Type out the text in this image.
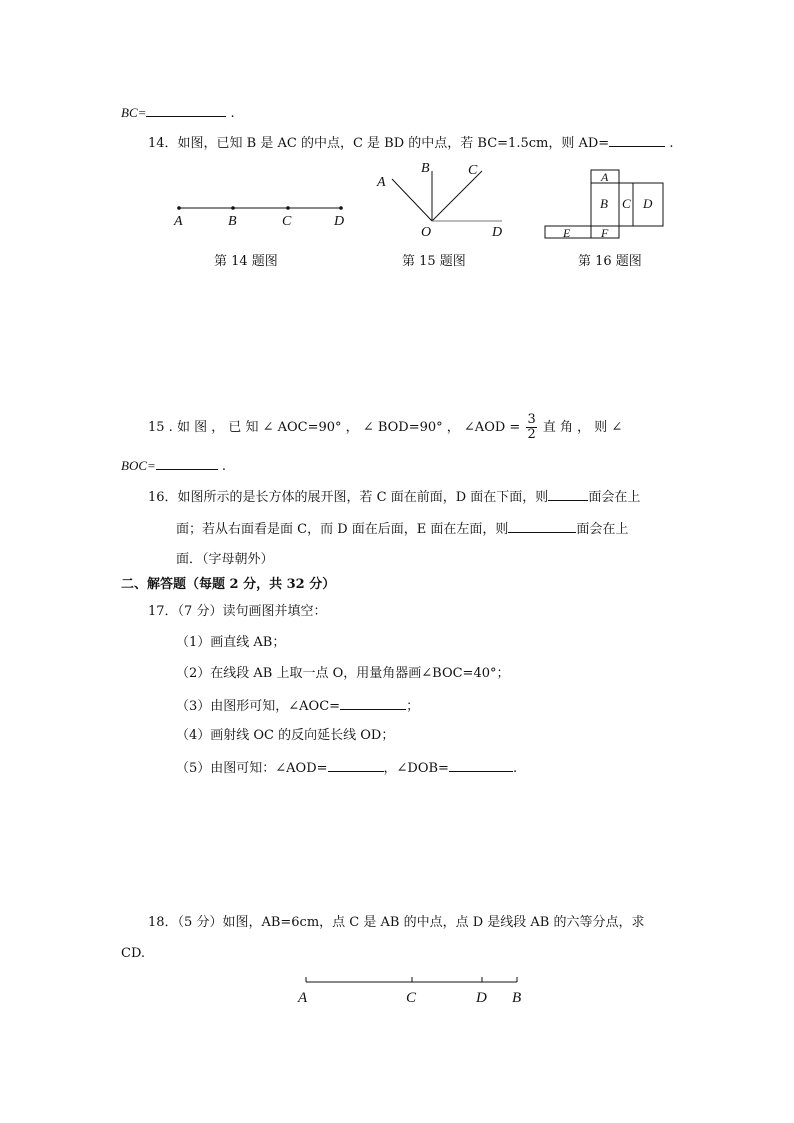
BC=	.
14．如图，已知 B 是 AC 的中点，C 是 BD 的中点，若 BC=1.5cm，则 AD=	.
A	B	C	D
第 14 题图
A
B	C
O	D
第 15 题图
A
B C D
E	F
第 16 题图
15 . 如 图 ， 已 知 ∠ AOC=90° ， ∠ BOD=90° ， ∠AOD = $\frac{3}{2}$ 直 角 ， 则 ∠
BOC=	.
16．如图所示的是长方体的展开图，若 C 面在前面，D 面在下面，则	面会在上
面；若从右面看是面 C，而 D 面在后面，E 面在左面，则	面会在上
面．（字母朝外）
二、解答题（每题 2 分，共 32 分）
17．（7 分）读句画图并填空：
（1）画直线 AB；
（2）在线段 AB 上取一点 O，用量角器画∠BOC=40°；
（3）由图形可知，∠AOC=	；
（4）画射线 OC 的反向延长线 OD；
（5）由图可知：∠AOD=	，∠DOB=	.
18．（5 分）如图，AB=6cm，点 C 是 AB 的中点，点 D 是线段 AB 的六等分点，求
CD.
A	C	D B
